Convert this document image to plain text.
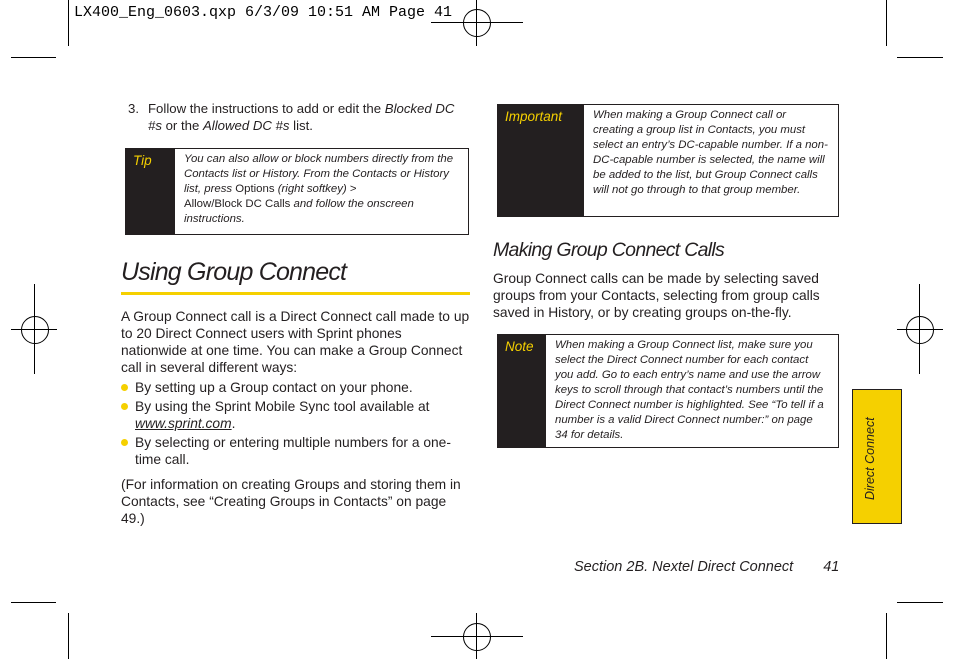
LX400_Eng_0603.qxp 6/3/09 10:51 AM Page 41
3. Follow the instructions to add or edit the Blocked DC #s or the Allowed DC #s list.
Tip	You can also allow or block numbers directly from the Contacts list or History. From the Contacts or History list, press Options (right softkey) >
Allow/Block DC Calls and follow the onscreen instructions.
Using Group Connect
A Group Connect call is a Direct Connect call made to up to 20 Direct Connect users with Sprint phones nationwide at one time. You can make a Group Connect call in several different ways:
By setting up a Group contact on your phone.
By using the Sprint Mobile Sync tool available at www.sprint.com.
By selecting or entering multiple numbers for a one-time call.
(For information on creating Groups and storing them in Contacts, see “Creating Groups in Contacts” on page 49.)
Important	When making a Group Connect call or creating a group list in Contacts, you must select an entry’s DC-capable number. If a non-DC-capable number is selected, the name will be added to the list, but Group Connect calls will not go through to that group member.
Making Group Connect Calls
Group Connect calls can be made by selecting saved groups from your Contacts, selecting from group calls saved in History, or by creating groups on-the-fly.
Note	When making a Group Connect list, make sure you select the Direct Connect number for each contact you add. Go to each entry’s name and use the arrow keys to scroll through that contact’s numbers until the Direct Connect number is highlighted. See “To tell if a number is a valid Direct Connect number:” on page 34 for details.	Direct Connect
Section 2B. Nextel Direct Connect 41
